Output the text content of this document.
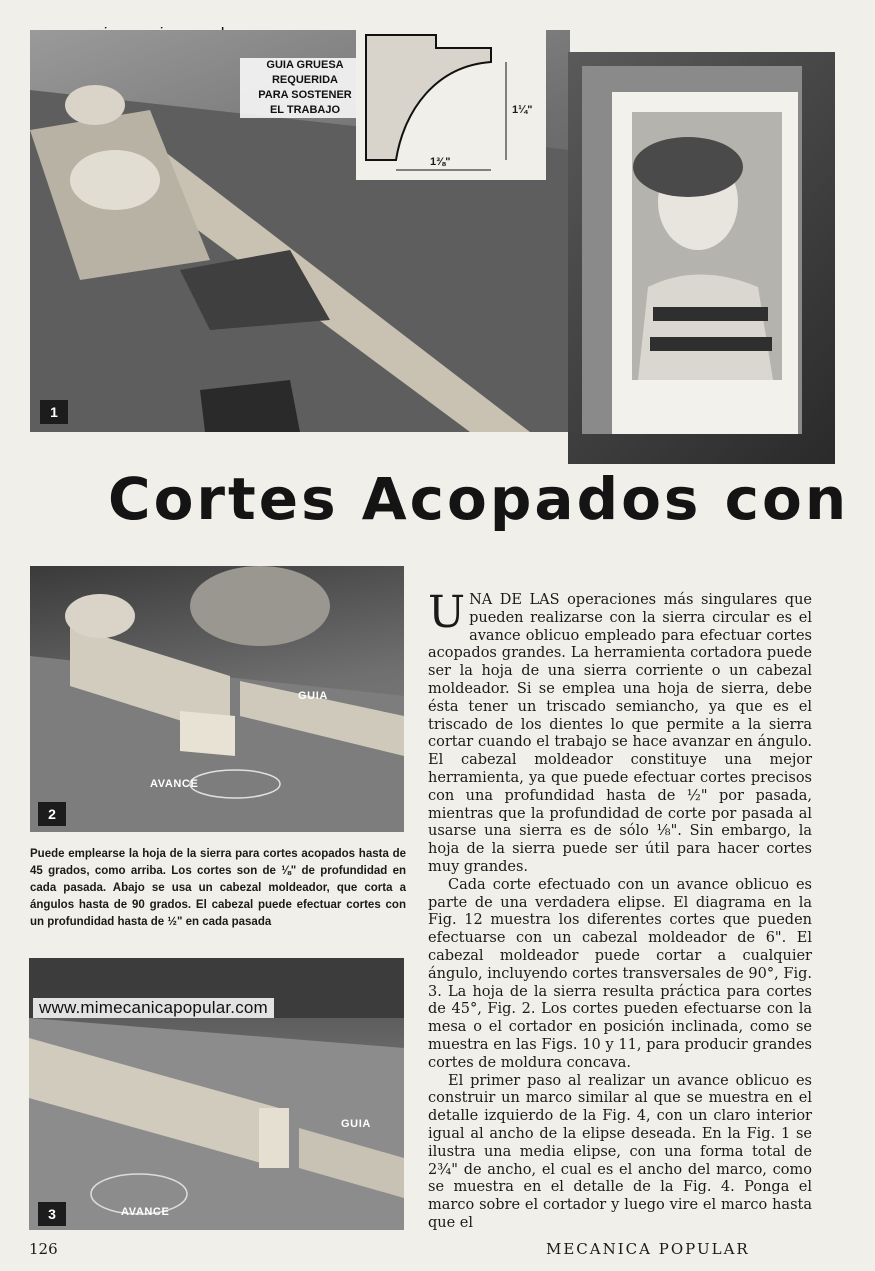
1
GUIA GRUESA
REQUERIDA
PARA SOSTENER
EL TRABAJO
1⅜"
1¼"
Cortes Acopados con
GUIA
AVANCE
2
Puede emplearse la hoja de la sierra para cortes acopados hasta de 45 grados, como arriba. Los cortes son de ⅛" de profundidad en cada pasada. Abajo se usa un cabezal moldeador, que corta a ángulos hasta de 90 grados. El cabezal puede efectuar cortes con un profundidad hasta de ½" en cada pasada
GUIA
AVANCE
3
www.mimecanicapopular.com

UNA DE LAS operaciones más singulares que pueden realizarse con la sierra circular es el avance oblicuo empleado para efectuar cortes acopados grandes. La herramienta cortadora puede ser la hoja de una sierra corriente o un cabezal moldeador. Si se emplea una hoja de sierra, debe ésta tener un triscado semiancho, ya que es el triscado de los dientes lo que permite a la sierra cortar cuando el trabajo se hace avanzar en ángulo. El cabezal moldeador constituye una mejor herramienta, ya que puede efectuar cortes precisos con una profundidad hasta de ½" por pasada, mientras que la profundidad de corte por pasada al usarse una sierra es de sólo ⅛". Sin embargo, la hoja de la sierra puede ser útil para hacer cortes muy grandes.

Cada corte efectuado con un avance oblicuo es parte de una verdadera elipse. El diagrama en la Fig. 12 muestra los diferentes cortes que pueden efectuarse con un cabezal moldeador de 6". El cabezal moldeador puede cortar a cualquier ángulo, incluyendo cortes transversales de 90°, Fig. 3. La hoja de la sierra resulta práctica para cortes de 45°, Fig. 2. Los cortes pueden efectuarse con la mesa o el cortador en posición inclinada, como se muestra en las Figs. 10 y 11, para producir grandes cortes de moldura concava.

El primer paso al realizar un avance oblicuo es construir un marco similar al que se muestra en el detalle izquierdo de la Fig. 4, con un claro interior igual al ancho de la elipse deseada. En la Fig. 1 se ilustra una media elipse, con una forma total de 2¾" de ancho, el cual es el ancho del marco, como se muestra en el detalle de la Fig. 4. Ponga el marco sobre el cortador y luego vire el marco hasta que el

126	MECANICA POPULAR
